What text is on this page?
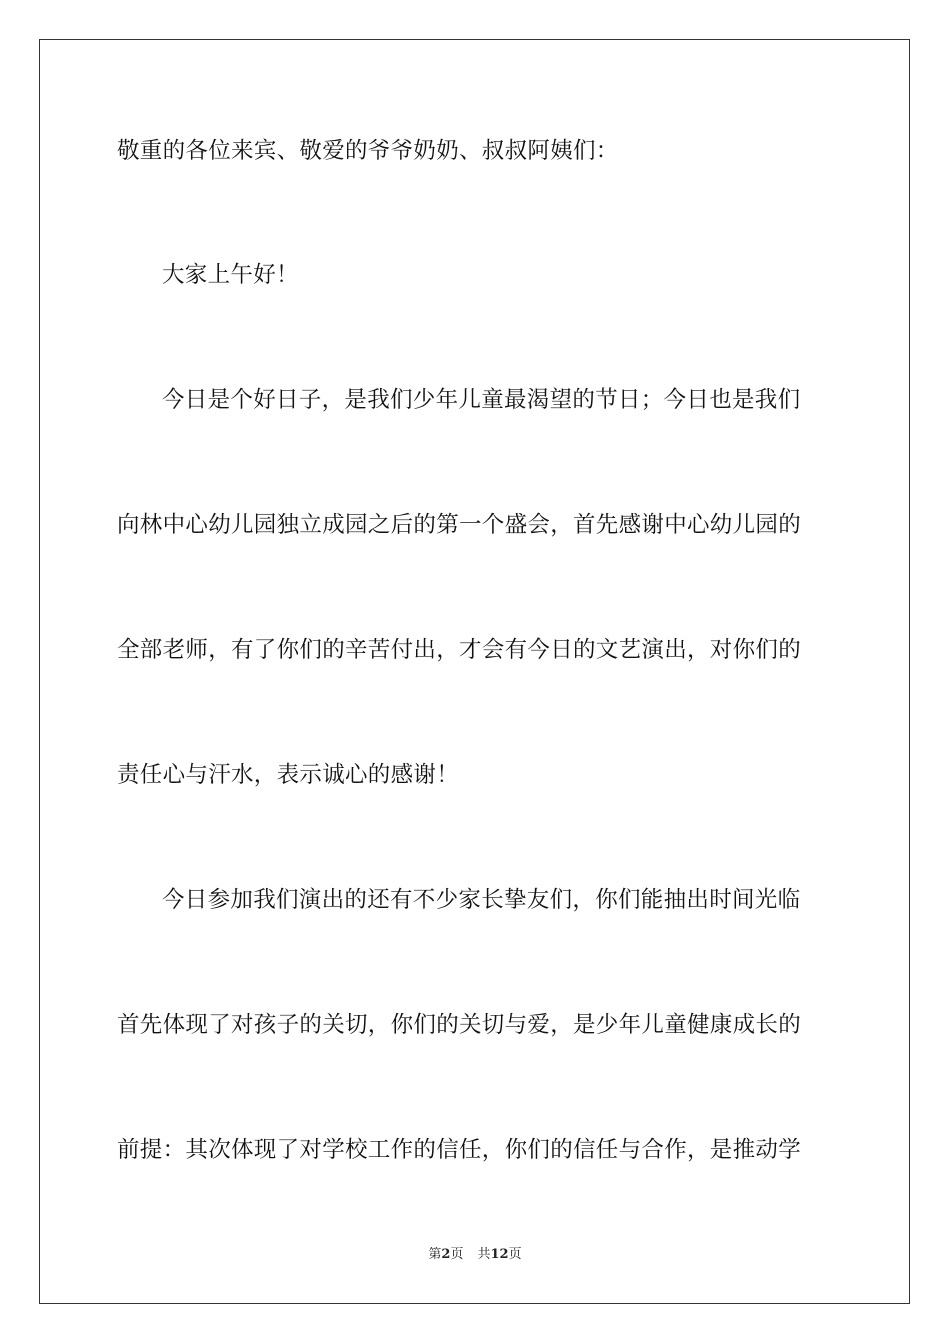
敬重的各位来宾、敬爱的爷爷奶奶、叔叔阿姨们：
大家上午好！
今日是个好日子，是我们少年儿童最渴望的节日；今日也是我们
向林中心幼儿园独立成园之后的第一个盛会，首先感谢中心幼儿园的
全部老师，有了你们的辛苦付出，才会有今日的文艺演出，对你们的
责任心与汗水，表示诚心的感谢！
今日参加我们演出的还有不少家长挚友们，你们能抽出时间光临
首先体现了对孩子的关切，你们的关切与爱，是少年儿童健康成长的
前提：其次体现了对学校工作的信任，你们的信任与合作，是推动学
第2页 共12页
